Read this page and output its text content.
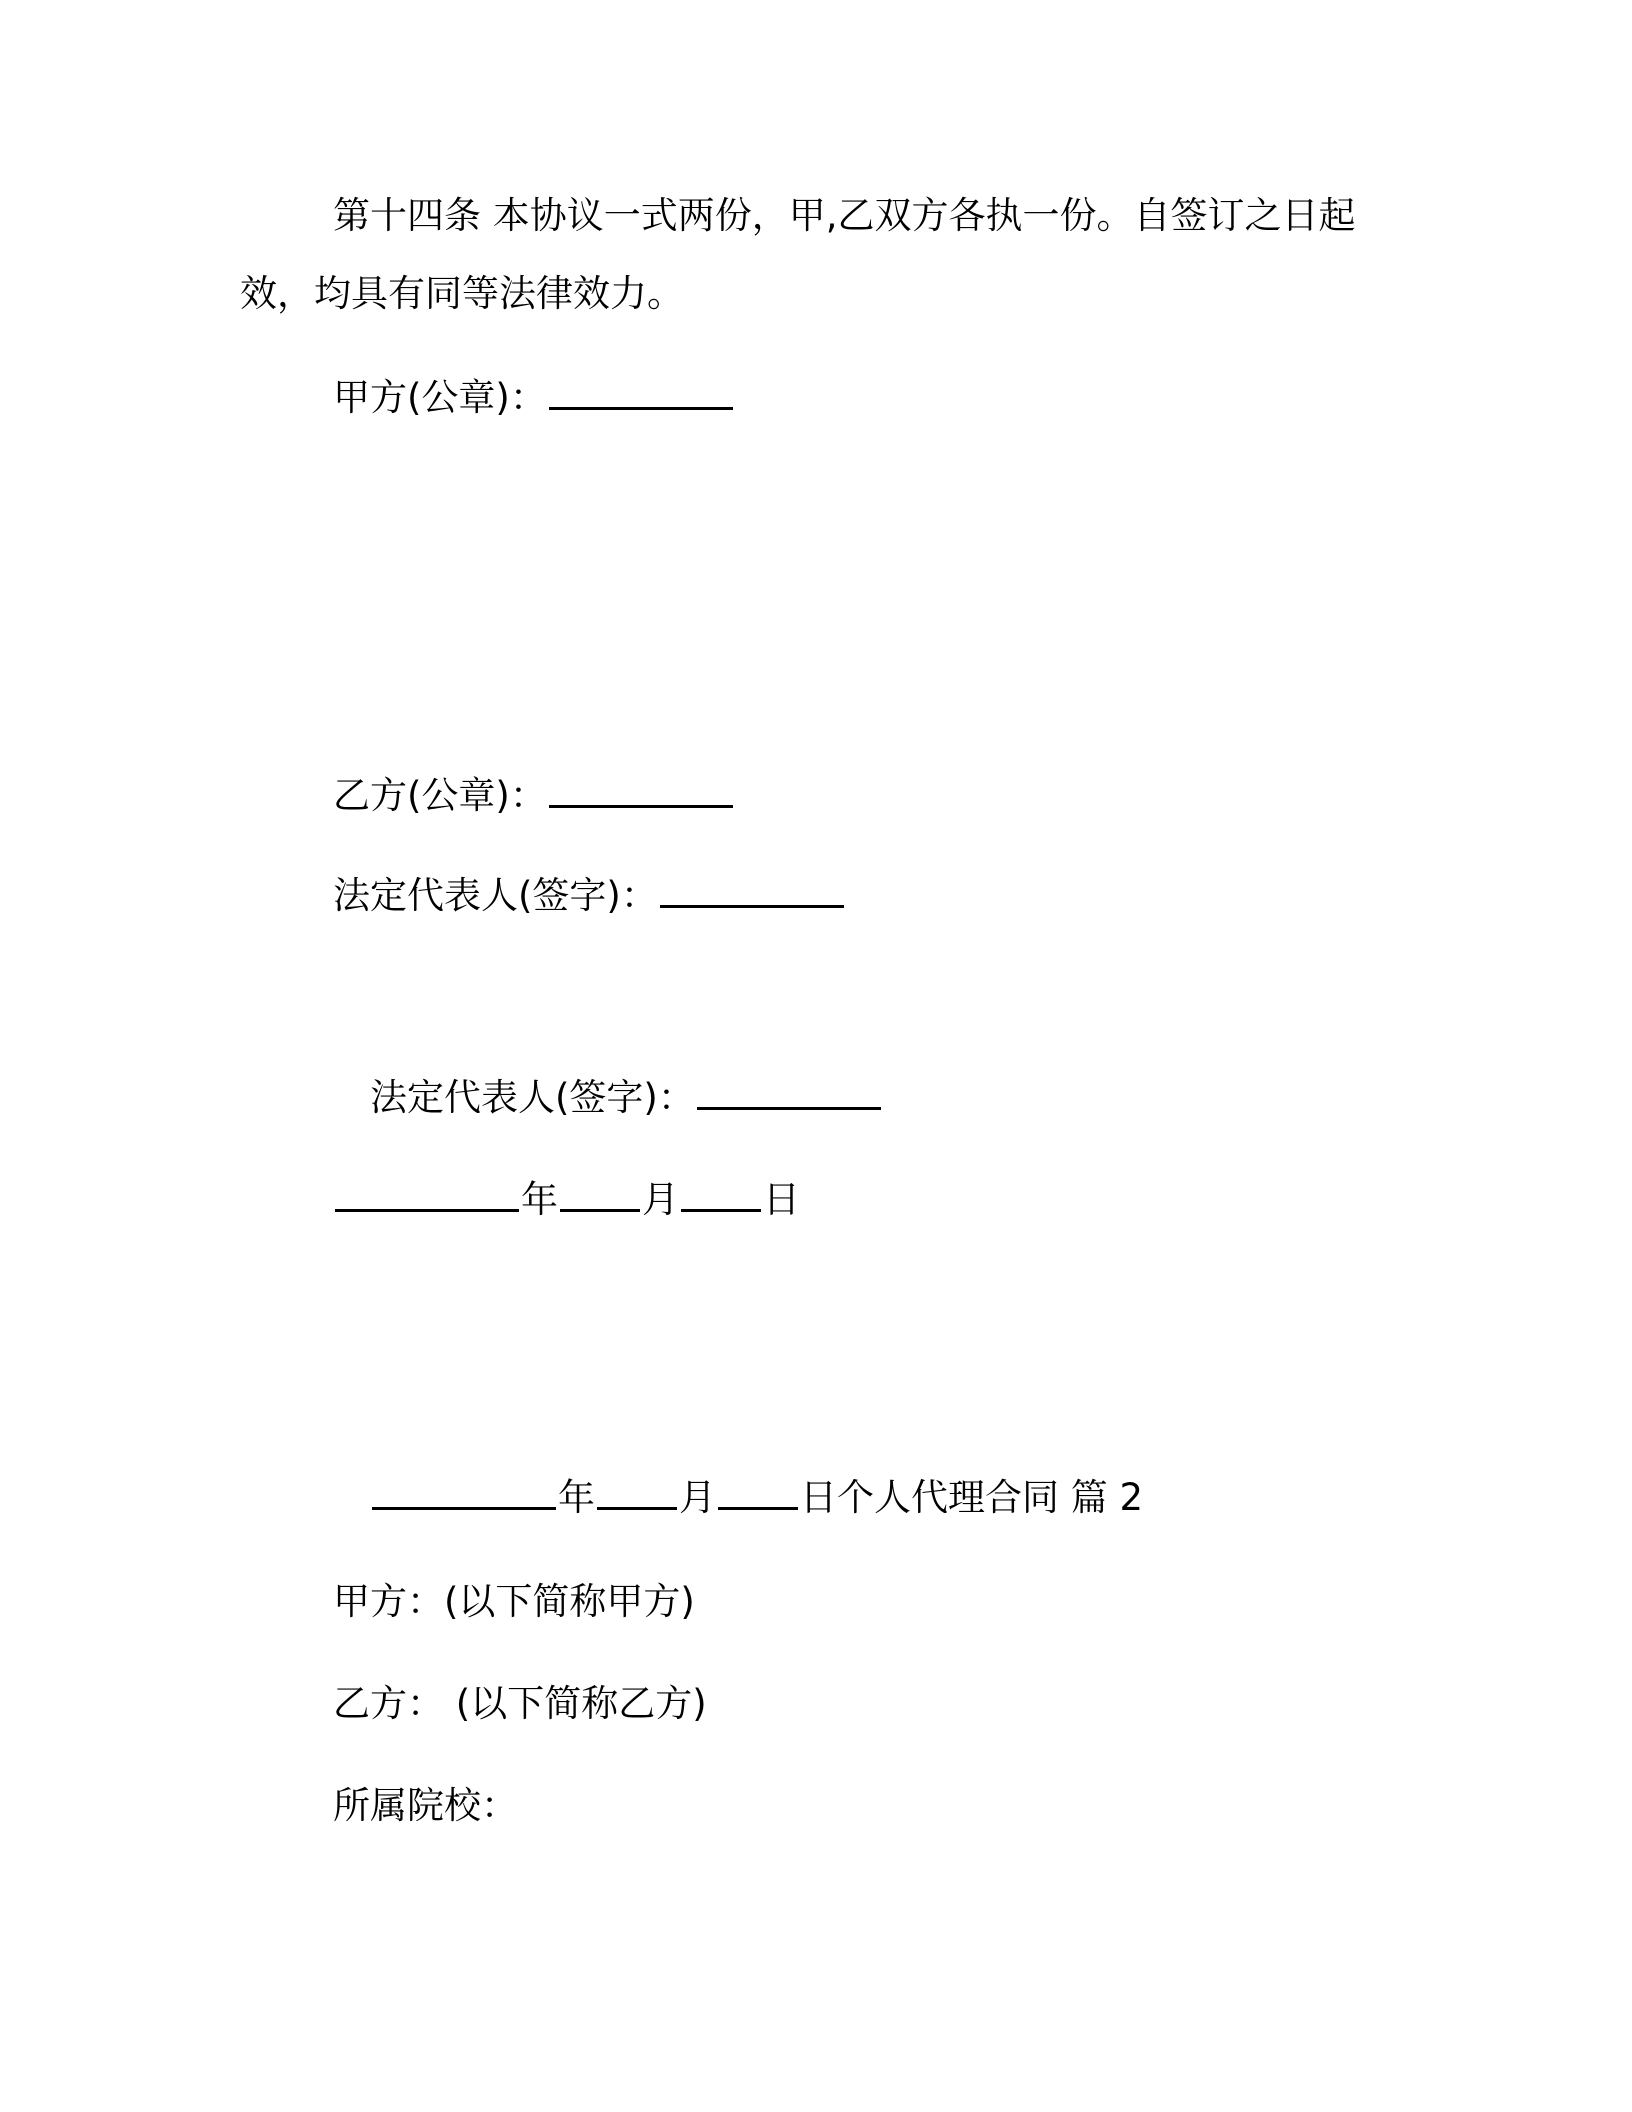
第十四条 本协议一式两份，甲,乙双方各执一份。自签订之日起
效，均具有同等法律效力。
甲方(公章)：
乙方(公章)：
法定代表人(签字)：
法定代表人(签字)：
年 月 日
年 月 日个人代理合同 篇 2
甲方：(以下简称甲方)
乙方： (以下简称乙方)
所属院校：
